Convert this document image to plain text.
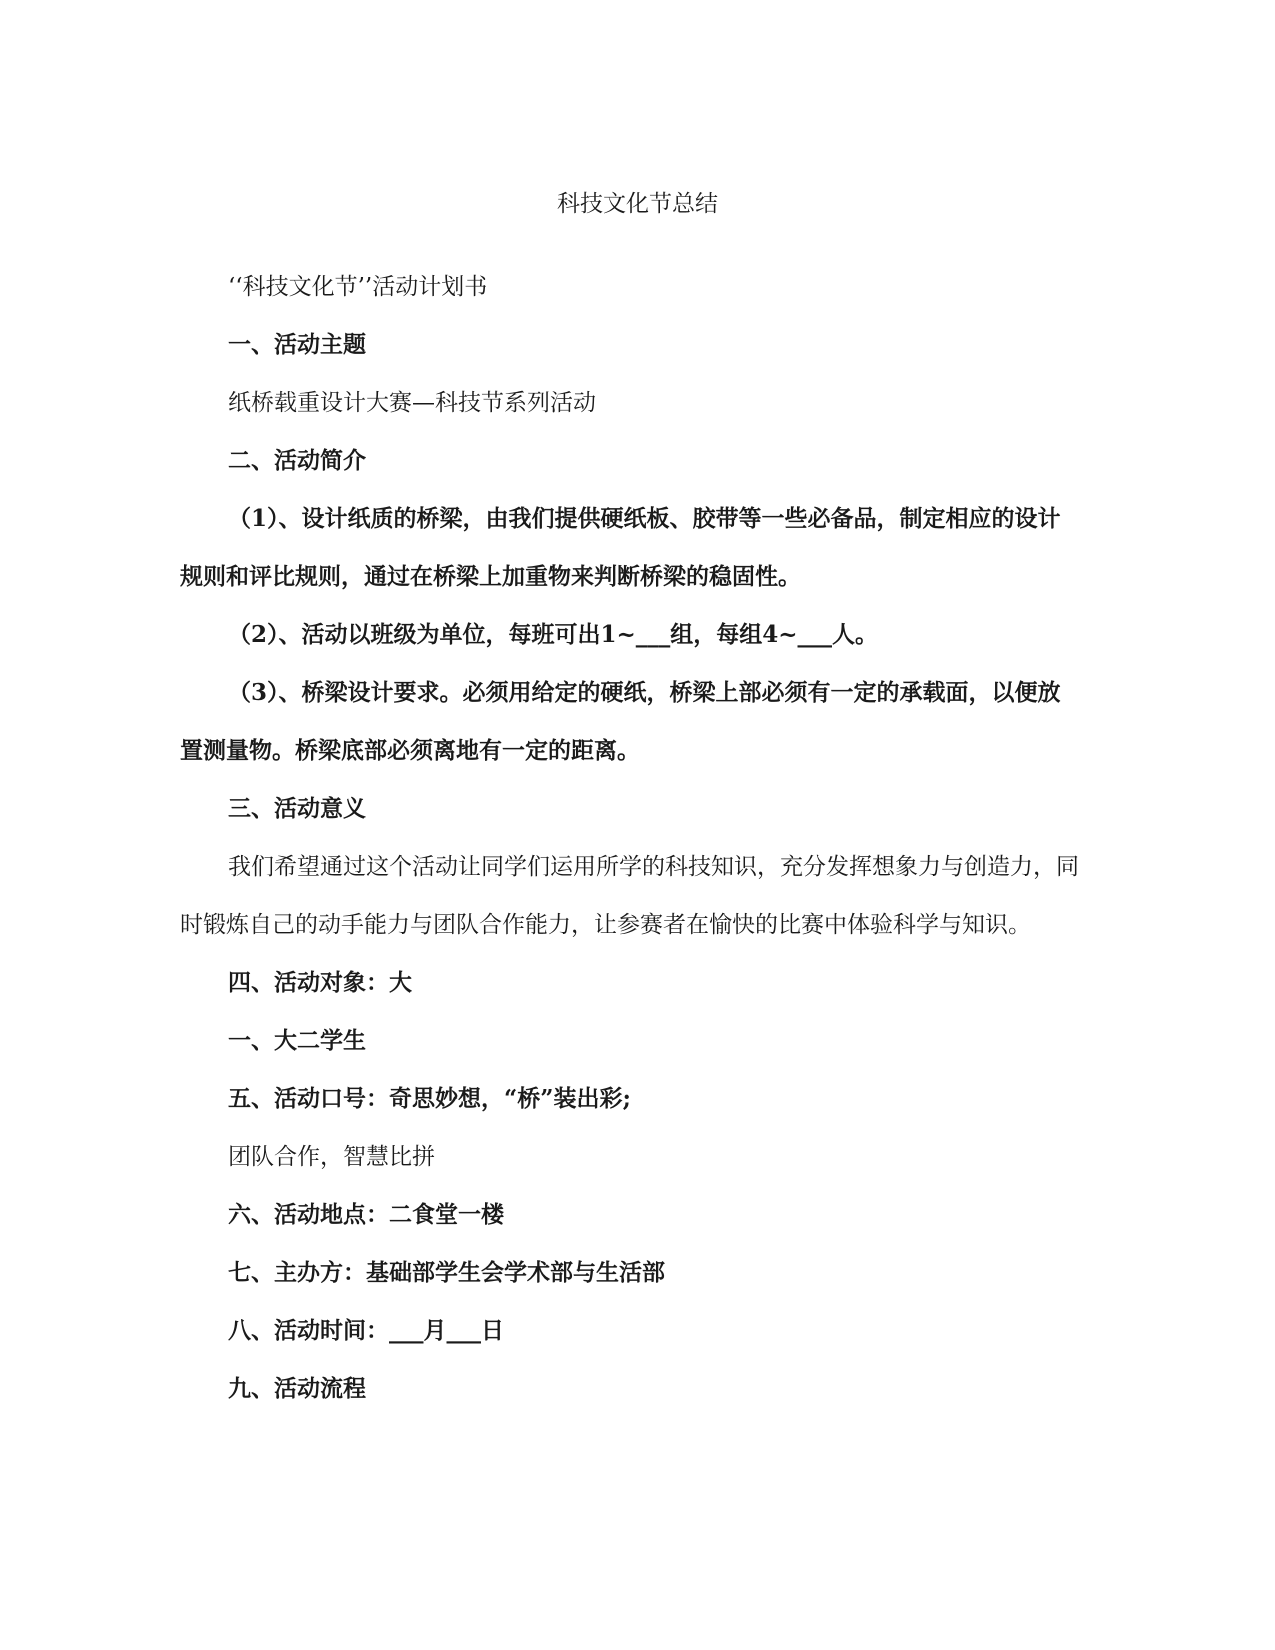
科技文化节总结

‘‘科技文化节’’活动计划书

一、活动主题

纸桥载重设计大赛—科技节系列活动

二、活动简介

（1）、设计纸质的桥梁，由我们提供硬纸板、胶带等一些必备品，制定相应的设计规则和评比规则，通过在桥梁上加重物来判断桥梁的稳固性。

（2）、活动以班级为单位，每班可出1~___组，每组4~___人。

（3）、桥梁设计要求。必须用给定的硬纸，桥梁上部必须有一定的承载面，以便放置测量物。桥梁底部必须离地有一定的距离。

三、活动意义

我们希望通过这个活动让同学们运用所学的科技知识，充分发挥想象力与创造力，同时锻炼自己的动手能力与团队合作能力，让参赛者在愉快的比赛中体验科学与知识。

四、活动对象：大

一、大二学生

五、活动口号：奇思妙想，“桥”装出彩;

团队合作，智慧比拼

六、活动地点：二食堂一楼

七、主办方：基础部学生会学术部与生活部

八、活动时间：___月___日

九、活动流程
